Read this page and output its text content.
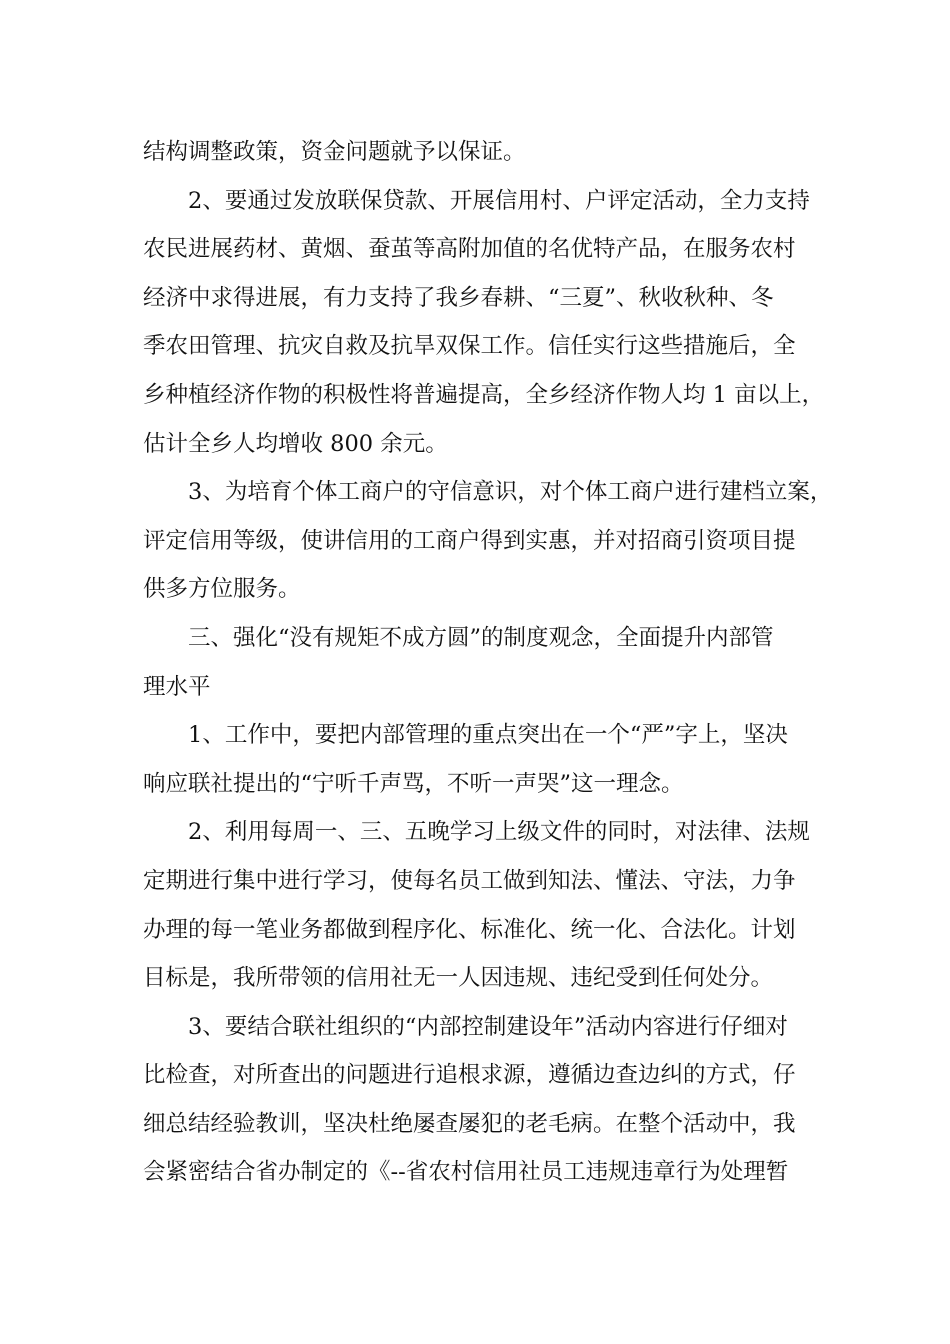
结构调整政策，资金问题就予以保证。
2、要通过发放联保贷款、开展信用村、户评定活动，全力支持
农民进展药材、黄烟、蚕茧等高附加值的名优特产品，在服务农村
经济中求得进展，有力支持了我乡春耕、“三夏”、秋收秋种、冬
季农田管理、抗灾自救及抗旱双保工作。信任实行这些措施后，全
乡种植经济作物的积极性将普遍提高，全乡经济作物人均 1 亩以上，
估计全乡人均增收 800 余元。
3、为培育个体工商户的守信意识，对个体工商户进行建档立案，
评定信用等级，使讲信用的工商户得到实惠，并对招商引资项目提
供多方位服务。
三、强化“没有规矩不成方圆”的制度观念，全面提升内部管
理水平
1、工作中，要把内部管理的重点突出在一个“严”字上，坚决
响应联社提出的“宁听千声骂，不听一声哭”这一理念。
2、利用每周一、三、五晚学习上级文件的同时，对法律、法规
定期进行集中进行学习，使每名员工做到知法、懂法、守法，力争
办理的每一笔业务都做到程序化、标准化、统一化、合法化。计划
目标是，我所带领的信用社无一人因违规、违纪受到任何处分。
3、要结合联社组织的“内部控制建设年”活动内容进行仔细对
比检查，对所查出的问题进行追根求源，遵循边查边纠的方式，仔
细总结经验教训，坚决杜绝屡查屡犯的老毛病。在整个活动中，我
会紧密结合省办制定的《--省农村信用社员工违规违章行为处理暂
